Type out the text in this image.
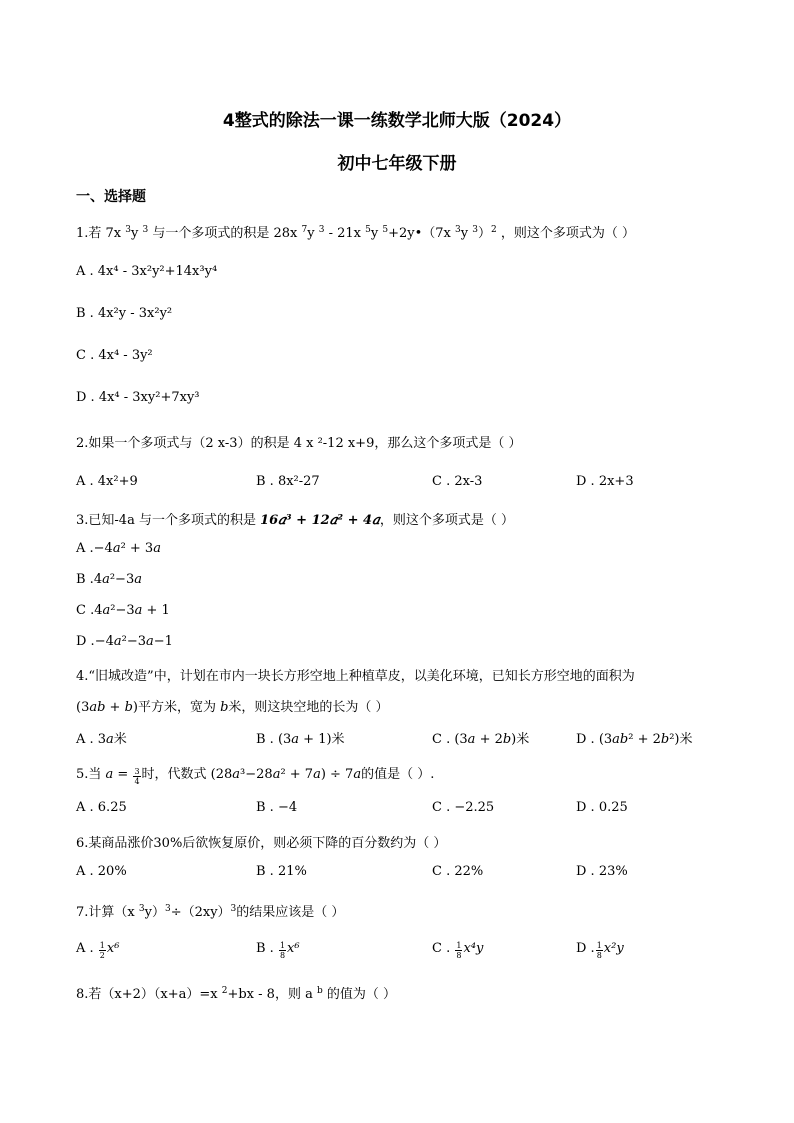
4整式的除法一课一练数学北师大版（2024）
初中七年级下册
一、选择题
1.若 7x $^3$y $^3$ 与一个多项式的积是 28x $^7$y $^3$ - 21x $^5$y $^5$+2y•（7x $^3$y $^3$）$^2$ ，则这个多项式为（ ）
A . 4x⁴ - 3x²y²+14x³y⁴
B . 4x²y - 3x²y²
C . 4x⁴ - 3y²
D . 4x⁴ - 3xy²+7xy³
2.如果一个多项式与（2 x-3）的积是 4 x ²-12 x+9，那么这个多项式是（ ）
A . 4x²+9	B . 8x²-27	C . 2x-3	D . 2x+3
3.已知-4a 与一个多项式的积是 16𝑎³ + 12𝑎² + 4𝑎，则这个多项式是（ ）
A .−4𝑎² + 3𝑎
B .4𝑎²−3𝑎
C .4𝑎²−3𝑎 + 1
D .−4𝑎²−3𝑎−1
4.“旧城改造”中，计划在市内一块长方形空地上种植草皮，以美化环境，已知长方形空地的面积为
(3𝑎𝑏 + 𝑏)平方米，宽为 𝑏米，则这块空地的长为（ ）
A . 3𝑎米	B . (3𝑎 + 1)米	C . (3𝑎 + 2𝑏)米	D . (3𝑎𝑏² + 2𝑏²)米
5.当 𝑎 = $\frac{3}{4}$ 时，代数式 (28𝑎³−28𝑎² + 7𝑎) ÷ 7𝑎的值是（ ）.
A . 6.25	B . −4	C . −2.25	D . 0.25
6.某商品涨价30%后欲恢复原价，则必须下降的百分数约为（ ）
A . 20%	B . 21%	C . 22%	D . 23%
7.计算（x $^3y)^3\div(2xy)^3$的结果应该是（ ）
A . $\frac{1}{2}$ 𝑥⁶	B . $\frac{1}{8}$ 𝑥⁶	C . $\frac{1}{8}$ 𝑥⁴𝑦	D . $\frac{1}{8}$ 𝑥²𝑦
8.若（x+2）（x+a）=x $^2$+bx - 8，则 a $^b$ 的值为（ ）
